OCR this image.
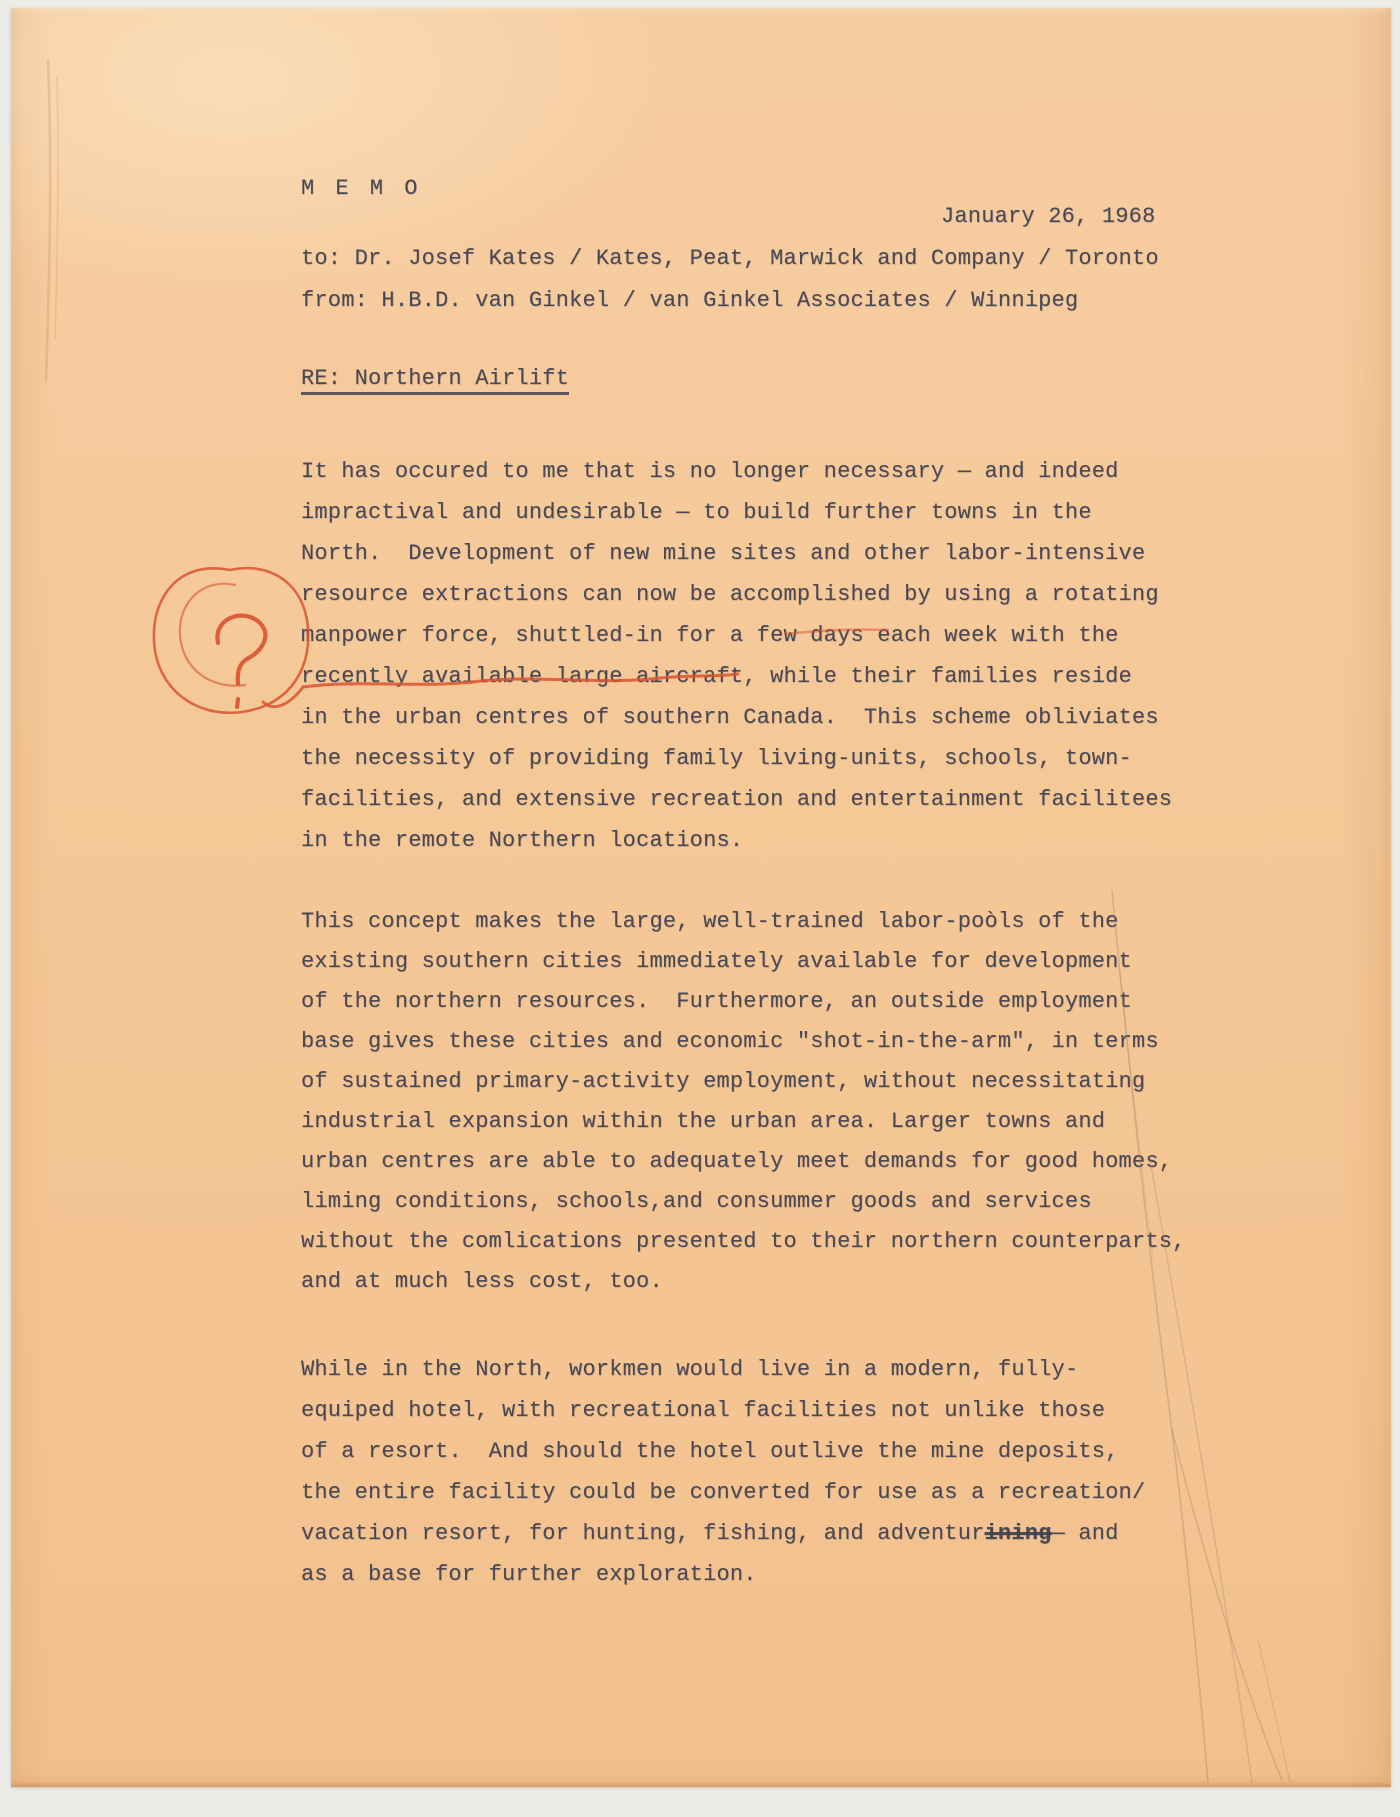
M E M O
January 26, 1968
to: Dr. Josef Kates / Kates, Peat, Marwick and Company / Toronto
from: H.B.D. van Ginkel / van Ginkel Associates / Winnipeg
RE: Northern Airlift
It has occured to me that is no longer necessary — and indeed
impractival and undesirable — to build further towns in the
North.  Development of new mine sites and other labor-intensive
resource extractions can now be accomplished by using a rotating
manpower force, shuttled-in for a few days each week with the
recently available large aircraft, while their families reside
in the urban centres of southern Canada.  This scheme obliviates
the necessity of providing family living-units, schools, town-
facilities, and extensive recreation and entertainment facilitees
in the remote Northern locations.
This concept makes the large, well-trained labor-poòls of the
existing southern cities immediately available for development
of the northern resources.  Furthermore, an outside employment
base gives these cities and economic "shot-in-the-arm", in terms
of sustained primary-activity employment, without necessitating
industrial expansion within the urban area. Larger towns and
urban centres are able to adequately meet demands for good homes,
liming conditions, schools,and consummer goods and services
without the comlications presented to their northern counterparts,
and at much less cost, too.
While in the North, workmen would live in a modern, fully-
equiped hotel, with recreational facilities not unlike those
of a resort.  And should the hotel outlive the mine deposits,
the entire facility could be converted for use as a recreation/
vacation resort, for hunting, fishing, and adventurining— and
as a base for further exploration.
